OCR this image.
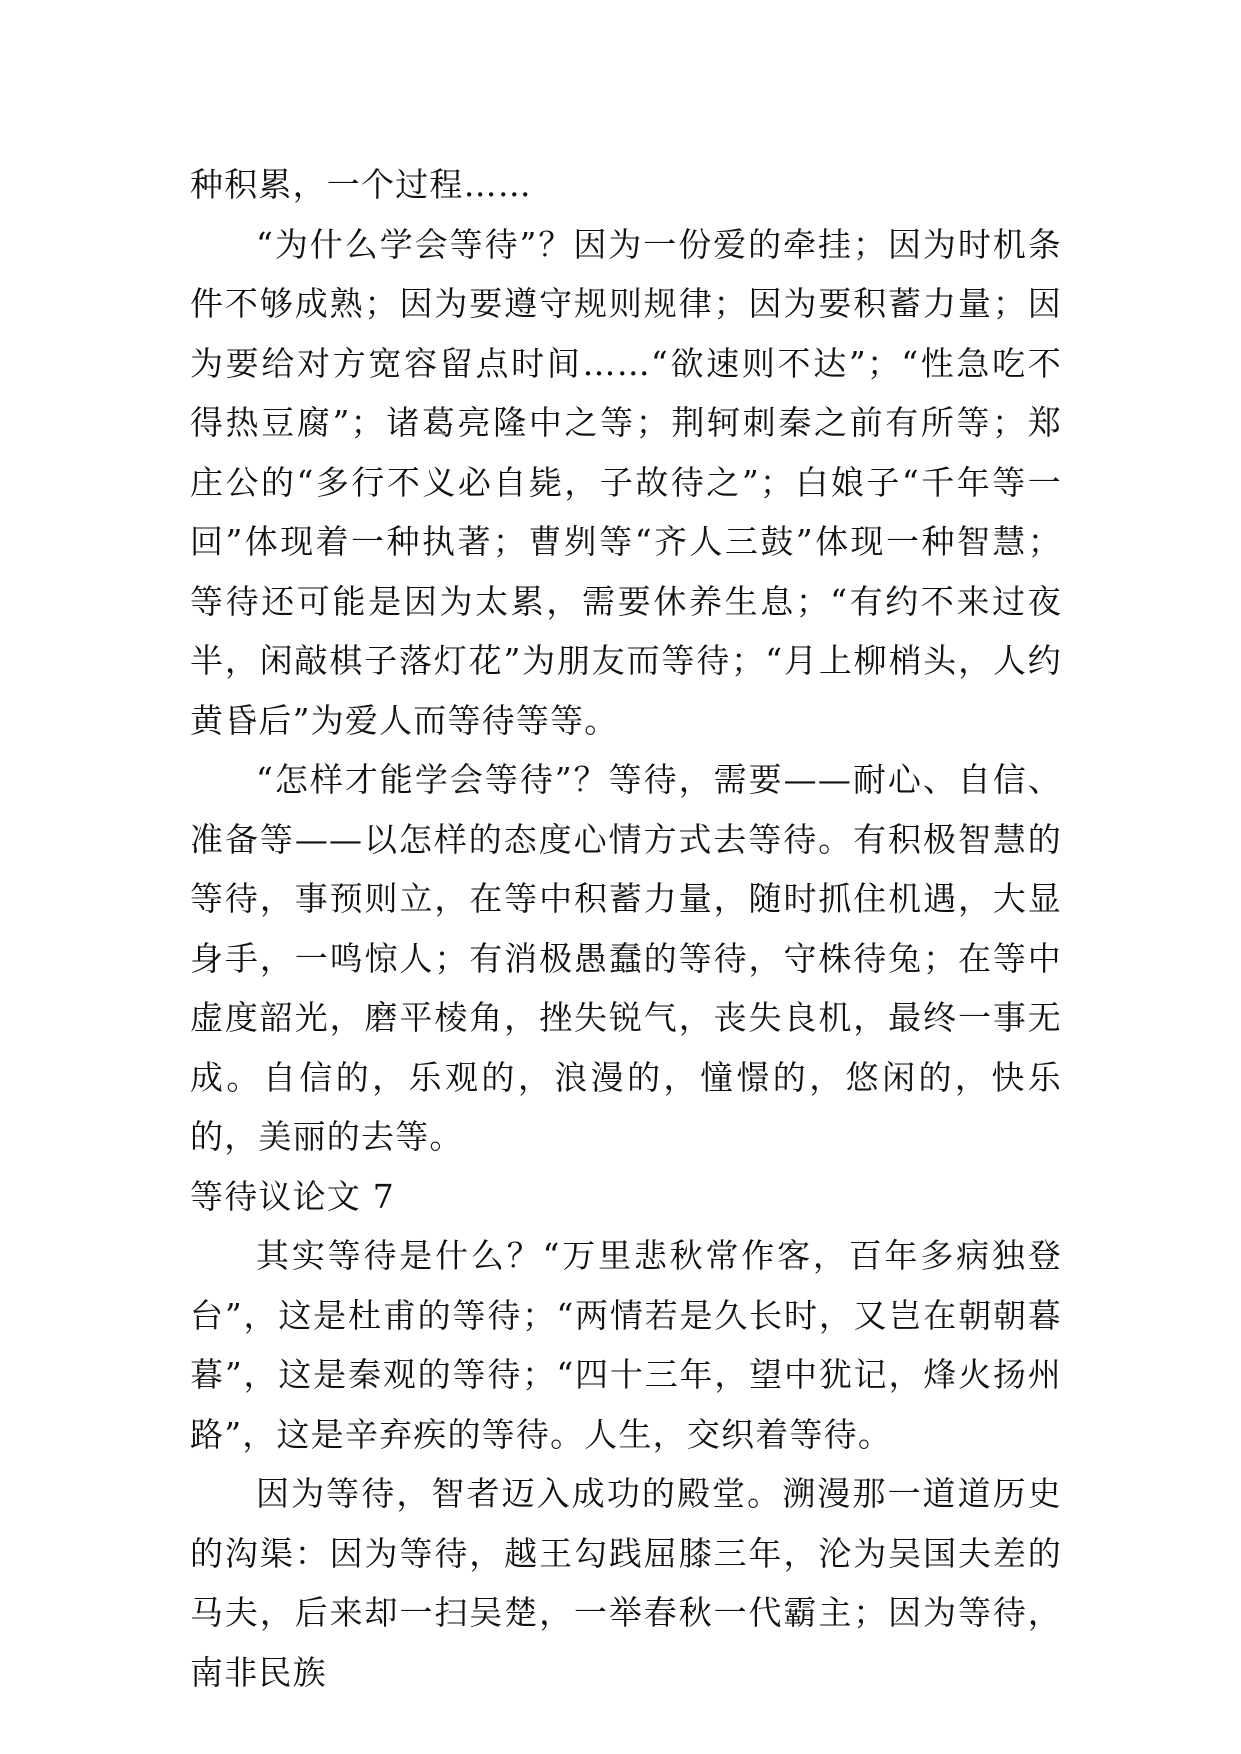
种积累，一个过程……

“为什么学会等待”？因为一份爱的牵挂；因为时机条件不够成熟；因为要遵守规则规律；因为要积蓄力量；因为要给对方宽容留点时间……“欲速则不达”；“性急吃不得热豆腐”；诸葛亮隆中之等；荆轲刺秦之前有所等；郑庄公的“多行不义必自毙，子故待之”；白娘子“千年等一回”体现着一种执著；曹刿等“齐人三鼓”体现一种智慧；等待还可能是因为太累，需要休养生息；“有约不来过夜半，闲敲棋子落灯花”为朋友而等待；“月上柳梢头，人约黄昏后”为爱人而等待等等。

“怎样才能学会等待”？等待，需要——耐心、自信、准备等——以怎样的态度心情方式去等待。有积极智慧的等待，事预则立，在等中积蓄力量，随时抓住机遇，大显身手，一鸣惊人；有消极愚蠢的等待，守株待兔；在等中虚度韶光，磨平棱角，挫失锐气，丧失良机，最终一事无成。自信的，乐观的，浪漫的，憧憬的，悠闲的，快乐的，美丽的去等。

等待议论文 7

其实等待是什么？“万里悲秋常作客，百年多病独登台”，这是杜甫的等待；“两情若是久长时，又岂在朝朝暮暮”，这是秦观的等待；“四十三年，望中犹记，烽火扬州路”，这是辛弃疾的等待。人生，交织着等待。

因为等待，智者迈入成功的殿堂。溯漫那一道道历史的沟渠：因为等待，越王勾践屈膝三年，沦为吴国夫差的马夫，后来却一扫吴楚，一举春秋一代霸主；因为等待，南非民族
